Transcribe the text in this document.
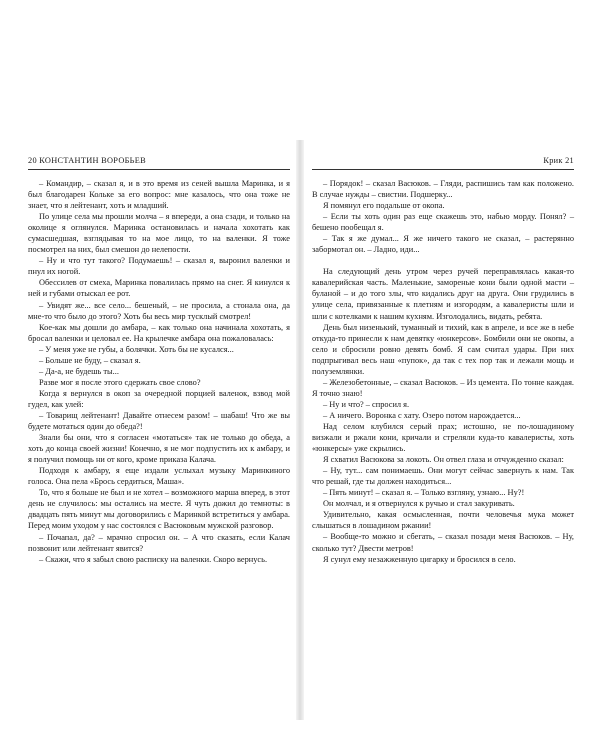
20 КОНСТАНТИН ВОРОБЬЕВ

– Командир, – сказал я, и в это время из сеней вышла Маринка, и я был благодарен Кольке за его вопрос: мне казалось, что она тоже не знает, что я лейтенант, хоть и младший.

По улице села мы прошли молча – я впереди, а она сзади, и только на околице я оглянулся. Маринка остановилась и начала хохотать как сумасшедшая, взглядывая то на мое лицо, то на валенки. Я тоже посмотрел на них, был смешон до нелепости.

– Ну и что тут такого? Подумаешь! – сказал я, выронил валенки и пнул их ногой.

Обессилев от смеха, Маринка повалилась прямо на снег. Я кинулся к ней и губами отыскал ее рот.

– Увидят же... все село... бешеный, – не просила, а стонала она, да мне-то что было до этого? Хоть бы весь мир тусклый смотрел!

Кое-как мы дошли до амбара, – как только она начинала хохотать, я бросал валенки и целовал ее. На крылечке амбара она пожаловалась:

– У меня уже не губы, а болячки. Хоть бы не кусался...

– Больше не буду, – сказал я.

– Да-а, не будешь ты...

Разве мог я после этого сдержать свое слово?

Когда я вернулся в окоп за очередной порцией валенок, взвод мой гудел, как улей:

– Товарищ лейтенант! Давайте отнесем разом! – шабаш! Что же вы будете мотаться один до обеда?!

Знали бы они, что я согласен «мотаться» так не только до обеда, а хоть до конца своей жизни! Конечно, я не мог подпустить их к амбару, и я получил помощь ни от кого, кроме приказа Калача.

Подходя к амбару, я еще издали услыхал музыку Маринкиного голоса. Она пела «Брось сердиться, Маша».

То, что я больше не был и не хотел – возможного марша вперед, в этот день не случилось: мы остались на месте. Я чуть дожил до темноты: в двадцать пять минут мы договорились с Маринкой встретиться у амбара. Перед моим уходом у нас состоялся с Васюковым мужской разговор.

– Почапал, да? – мрачно спросил он. – А что сказать, если Калач позвонит или лейтенант явится?

– Скажи, что я забыл свою расписку на валенки. Скоро вернусь.

Крик 21

– Порядок! – сказал Васюков. – Гляди, распишись там как положено. В случае нужды – свистни. Подшерку...

Я помянул его подальше от окопа.

– Если ты хоть один раз еще скажешь это, набью морду. Понял? – бешено пообещал я.

– Так я же думал... Я же ничего такого не сказал, – растерянно забормотал он. – Ладно, иди...

На следующий день утром через ручей переправлялась какая-то кавалерийская часть. Маленькие, замореные кони были одной масти – буланой – и до того злы, что кидались друг на друга. Они грудились в улице села, привязанные к плетням и изгородям, а кавалеристы шли и шли с котелками к нашим кухням. Изголодались, видать, ребята.

День был низенький, туманный и тихий, как в апреле, и все же в небе откуда-то принесли к нам девятку «юнкерсов». Бомбили они не окопы, а село и сбросили ровно девять бомб. Я сам считал удары. При них подпрыгивал весь наш «пупок», да так с тех пор так и лежали мощь и полуземлянки.

– Железобетонные, – сказал Васюков. – Из цемента. По тонне каждая. Я точно знаю!

– Ну и что? – спросил я.

– А ничего. Воронка с хату. Озеро потом нарождается...

Над селом клубился серый прах; истошно, не по-лошадиному визжали и ржали кони, кричали и стреляли куда-то кавалеристы, хоть «юнкерсы» уже скрылись.

Я схватил Васюкова за локоть. Он отвел глаза и отчужденно сказал:

– Ну, тут... сам понимаешь. Они могут сейчас завернуть к нам. Так что решай, где ты должен находиться...

– Пять минут! – сказал я. – Только взгляну, узнаю... Ну?!

Он молчал, и я отвернулся к ручью и стал закуривать.

Удивительно, какая осмысленная, почти человечья мука может слышаться в лошадином ржании!

– Вообще-то можно и сбегать, – сказал позади меня Васюков. – Ну, сколько тут? Двести метров!

Я сунул ему незажженную цигарку и бросился в село.
